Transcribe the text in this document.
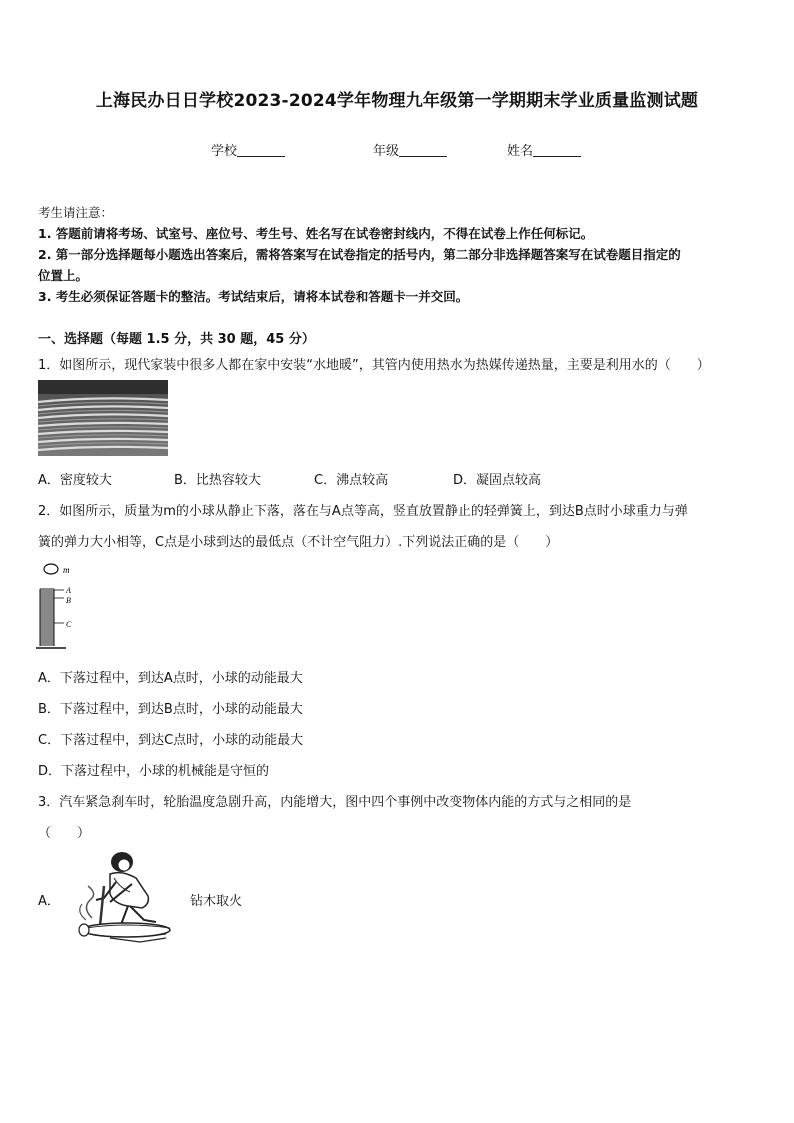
上海民办日日学校2023-2024学年物理九年级第一学期期末学业质量监测试题
学校	年级	姓名
考生请注意：
1. 答题前请将考场、试室号、座位号、考生号、姓名写在试卷密封线内，不得在试卷上作任何标记。
2. 第一部分选择题每小题选出答案后，需将答案写在试卷指定的括号内，第二部分非选择题答案写在试卷题目指定的
位置上。
3. 考生必须保证答题卡的整洁。考试结束后，请将本试卷和答题卡一并交回。
一、选择题（每题 1.5 分，共 30 题，45 分）
1．如图所示，现代家装中很多人都在家中安装“水地暖”，其管内使用热水为热媒传递热量，主要是利用水的（　　）
A．密度较大	B．比热容较大	C．沸点较高	D．凝固点较高
2．如图所示，质量为m的小球从静止下落，落在与A点等高，竖直放置静止的轻弹簧上，到达B点时小球重力与弹
簧的弹力大小相等，C点是小球到达的最低点（不计空气阻力）.下列说法正确的是（　　）
m
A
B
C
A．下落过程中，到达A点时，小球的动能最大
B．下落过程中，到达B点时，小球的动能最大
C．下落过程中，到达C点时，小球的动能最大
D．下落过程中，小球的机械能是守恒的
3．汽车紧急刹车时，轮胎温度急剧升高，内能增大，图中四个事例中改变物体内能的方式与之相同的是
（　　）
A．	钻木取火
